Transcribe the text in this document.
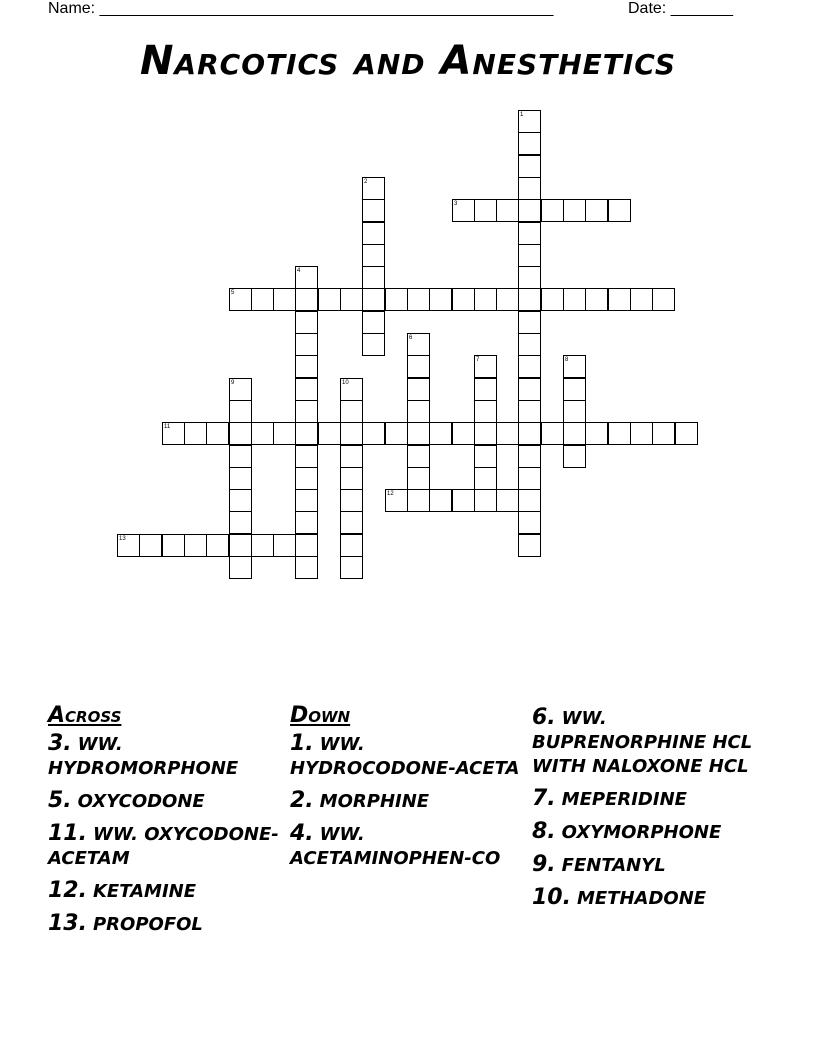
Name: ___________________________________________________	Date: _______
Narcotics and Anesthetics
1
2
3
4
5
6
7	8
9	10
11
12
13
Across
3. WW. HYDROMORPHONE
5. OXYCODONE
11. WW. OXYCODONE-ACETAM
12. KETAMINE
13. PROPOFOL
Down
1. WW. HYDROCODONE-ACETA
2. MORPHINE
4. WW. ACETAMINOPHEN-CO
6. WW. BUPRENORPHINE HCL WITH NALOXONE HCL
7. MEPERIDINE
8. OXYMORPHONE
9. FENTANYL
10. METHADONE
